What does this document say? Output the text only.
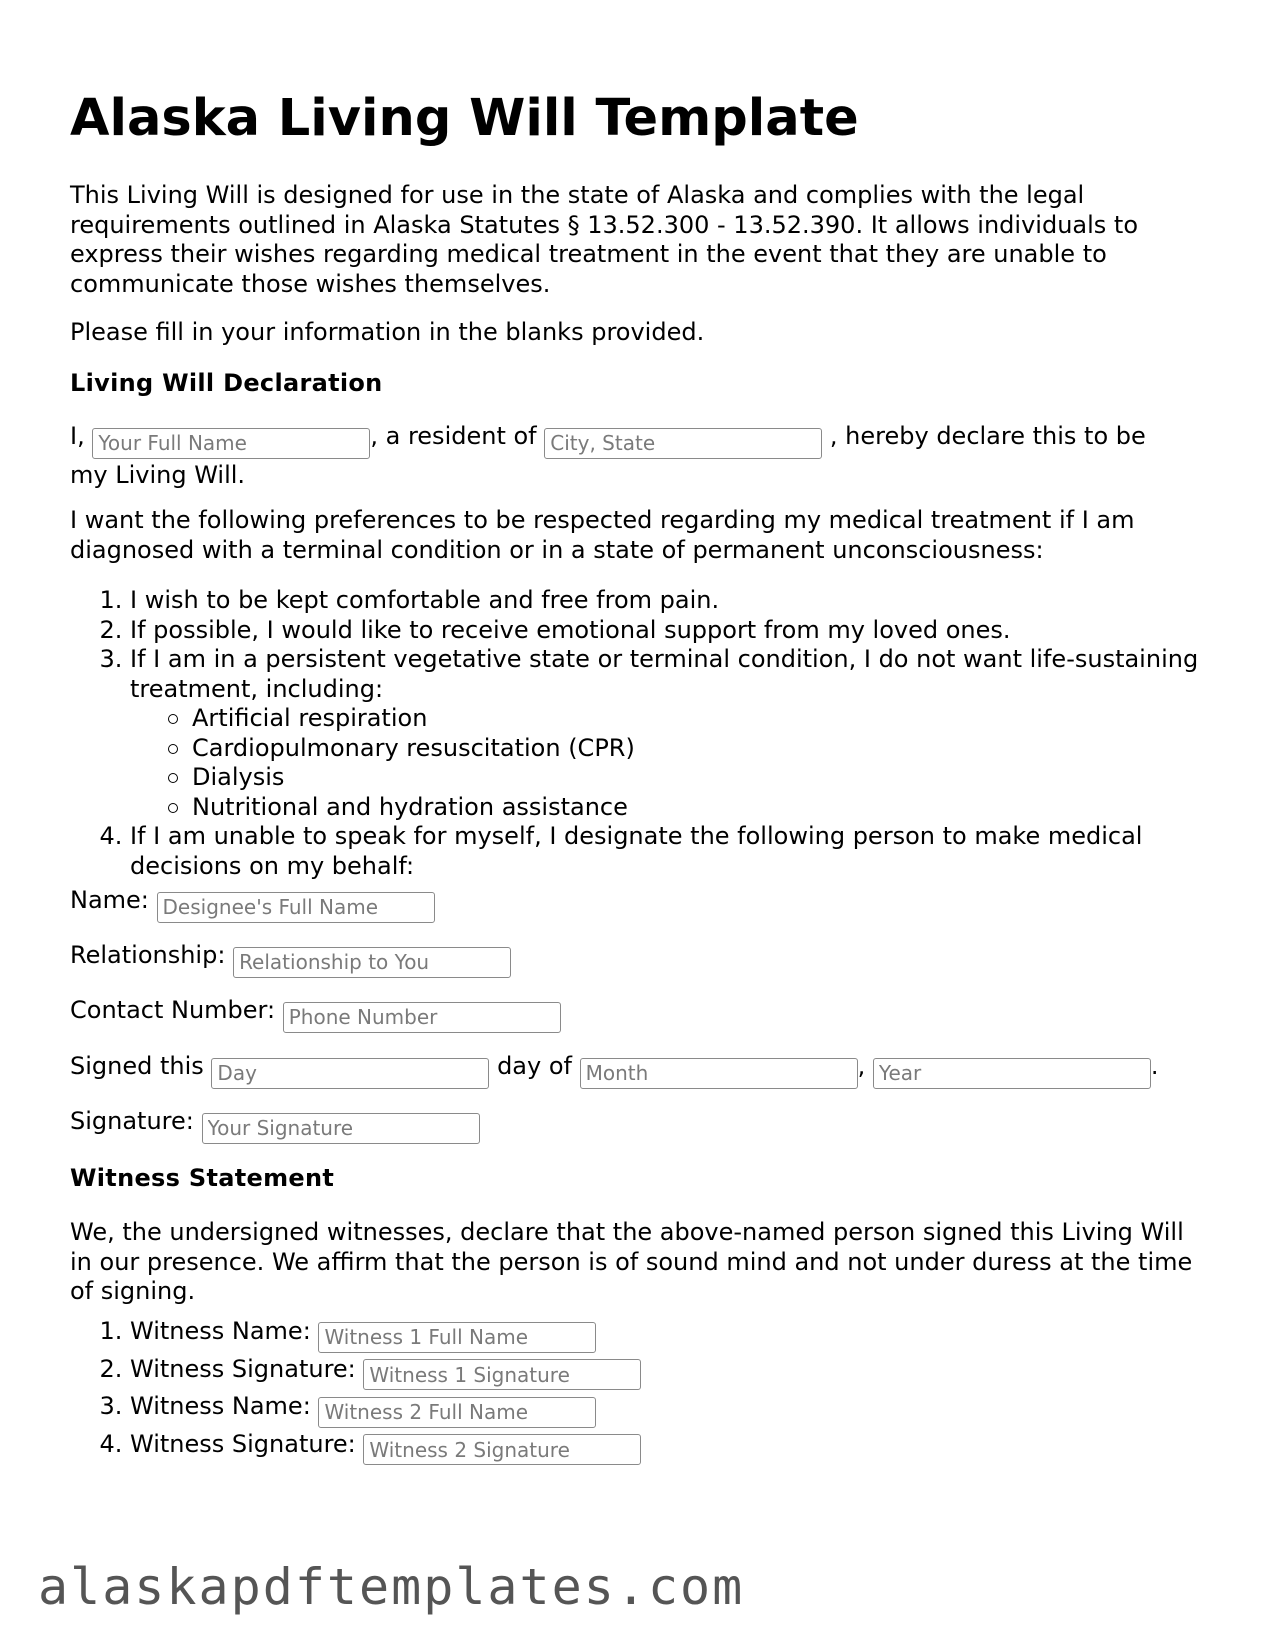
Alaska Living Will Template

This Living Will is designed for use in the state of Alaska and complies with the legal requirements outlined in Alaska Statutes § 13.52.300 - 13.52.390. It allows individuals to express their wishes regarding medical treatment in the event that they are unable to communicate those wishes themselves.

Please fill in your information in the blanks provided.

Living Will Declaration
I, Your Full Name	, a resident of City, State	, hereby declare this to be my Living Will.

I want the following preferences to be respected regarding my medical treatment if I am diagnosed with a terminal condition or in a state of permanent unconsciousness:

1. I wish to be kept comfortable and free from pain.
2. If possible, I would like to receive emotional support from my loved ones.
3. If I am in a persistent vegetative state or terminal condition, I do not want life-sustaining treatment, including:
Artificial respiration
Cardiopulmonary resuscitation (CPR)
Dialysis
Nutritional and hydration assistance
4. If I am unable to speak for myself, I designate the following person to make medical decisions on my behalf:
Name: Designee's Full Name
Relationship: Relationship to You
Contact Number: Phone Number
Signed this Day	day of Month	, Year	.
Signature: Your Signature
Witness Statement

We, the undersigned witnesses, declare that the above-named person signed this Living Will in our presence. We affirm that the person is of sound mind and not under duress at the time of signing.

1. Witness Name: Witness 1 Full Name
2. Witness Signature: Witness 1 Signature
3. Witness Name: Witness 2 Full Name
4. Witness Signature: Witness 2 Signature
alaskapdftemplates.com
